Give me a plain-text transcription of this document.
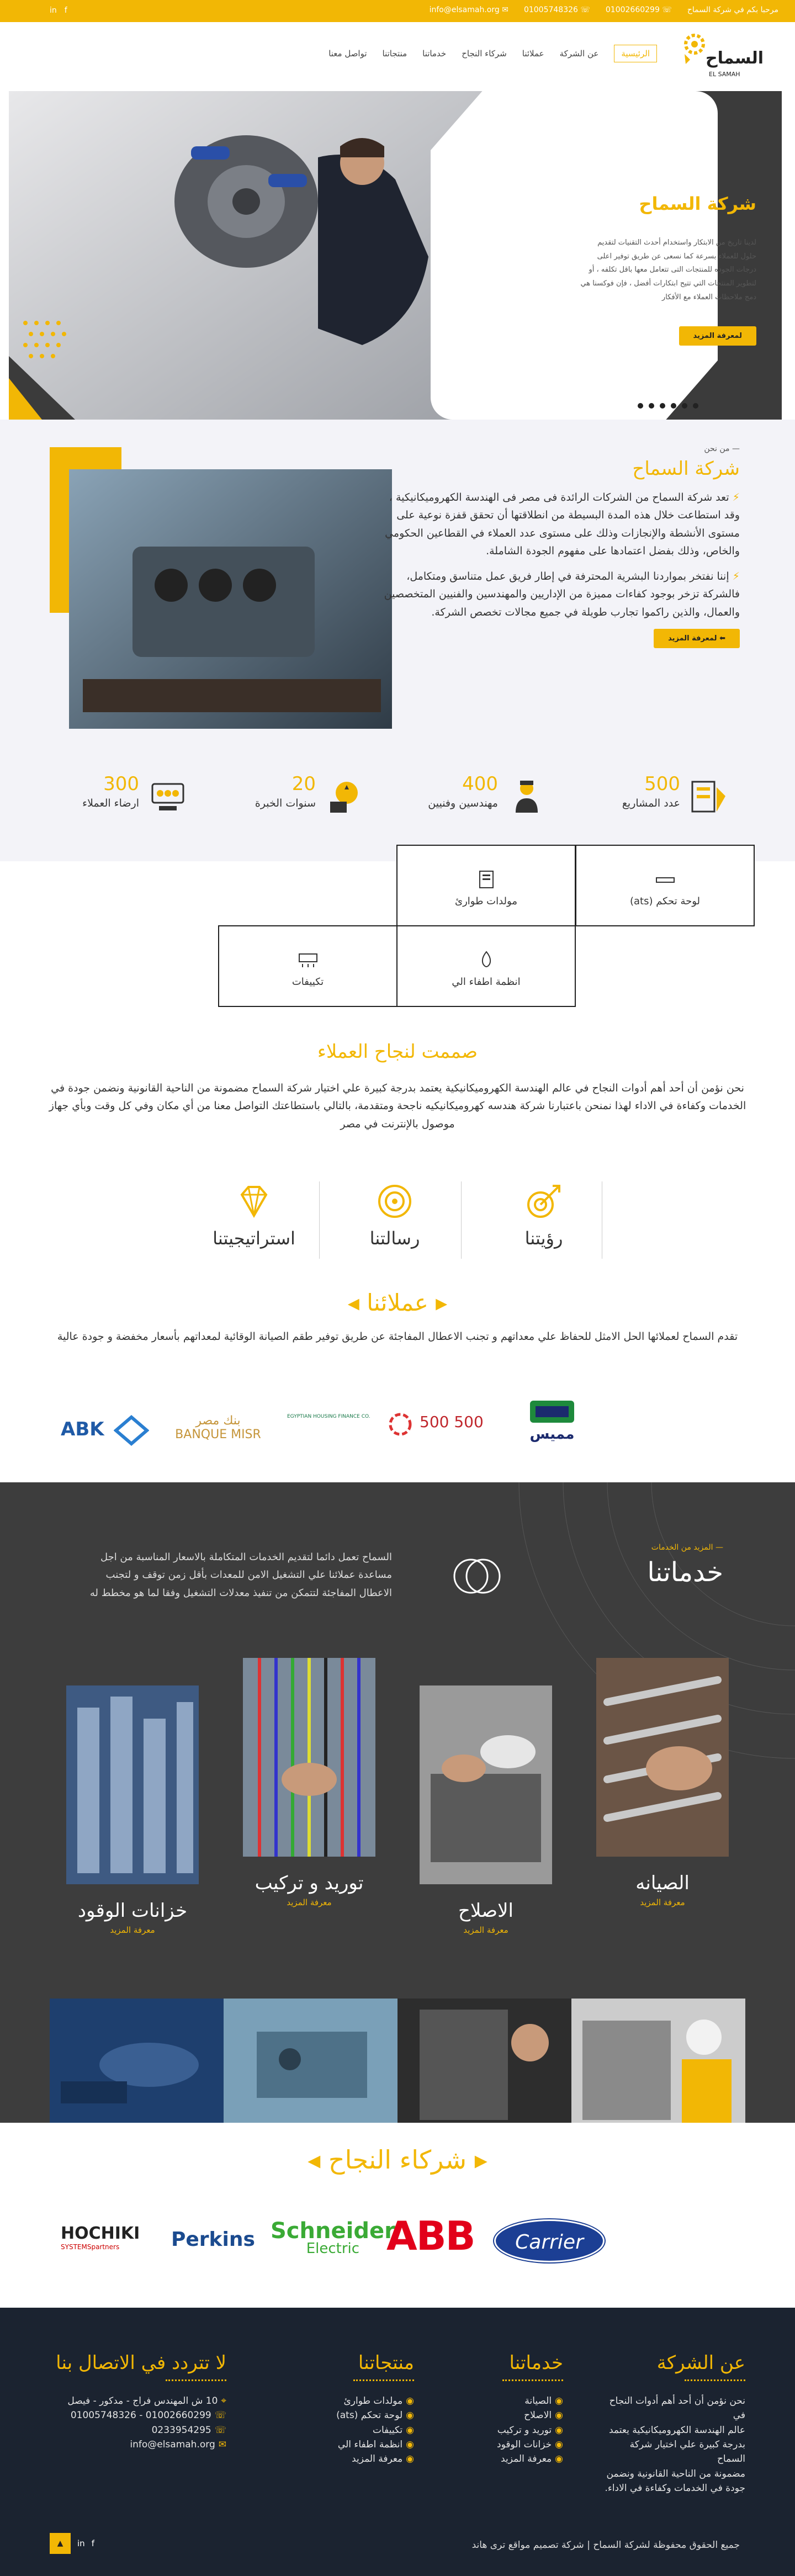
مرحبا بكم في شركة السماح
☏ 01002660299
☏ 01005748326
✉ info@elsamah.org
in f
السماح
EL SAMAH
الرئيسية
عن الشركة
عملائنا
شركاء النجاح
خدماتنا
منتجاتنا
تواصل معنا
شركة السماح
لدينا تاريخ من الابتكار واستخدام أحدث التقنيات لتقديم حلول للعملاء بسرعة كما نسعى عن طريق توفير اعلى درجات الجوده للمنتجات التى تتعامل معها باقل تكلفه ، أو لتطوير المنتجات التي تتيح ابتكارات أفضل ، فإن فوكسنا هي دمج ملاحظات العملاء مع الأفكار
لمعرفة المزيد
— من نحن
شركة السماح

⚡ تعد شركة السماح من الشركات الرائدة فى مصر فى الهندسة الكهروميكانيكية ، وقد استطاعت خلال هذه المدة البسيطة من انطلاقتها أن تحقق قفزة نوعية على مستوى الأنشطة والإنجازات وذلك على مستوى عدد العملاء في القطاعين الحكومي والخاص، وذلك بفضل اعتمادها على مفهوم الجودة الشاملة.

⚡ إننا نفتخر بمواردنا البشرية المحترفة في إطار فريق عمل متناسق ومتكامل، فالشركة تزخر بوجود كفاءات مميزة من الإداريين والمهندسين والفنيين المتخصصين والعمال، والذين راكموا تجارب طويلة في جميع مجالات تخصص الشركة.

⬅ لمعرفة المزيد
500
عدد المشاريع
400
مهندسين وفنيين
20
سنوات الخبرة
300
ارضاء العملاء
لوحة تحكم (ats)
مولدات طوارئ
انظمة اطفاء الي
تكييفات
صممت لنجاح العملاء
نحن نؤمن أن أحد أهم أدوات النجاح في عالم الهندسة الكهروميكانيكية يعتمد بدرجة كبيرة علي اختيار شركة السماح مضمونة من الناحية القانونية ونضمن جودة في الخدمات وكفاءة في الاداء لهذا نمنحن باعتبارنا شركة هندسه كهروميكانيكيه ناجحة ومتقدمة، بالتالي باستطاعتك التواصل معنا من أي مكان وفي كل وقت وبأي جهاز موصول بالإنترنت في مصر
رؤيتنا
رسالتنا
استراتيجيتنا
◂ عملائنا ▸
تقدم السماح لعملائها الحل الامثل للحفاظ علي معداتهم و تجنب الاعطال المفاجئة عن طريق توفير طقم الصيانة الوقائية لمعداتهم بأسعار مخفضة و جودة عالية
ABK	بنك مصر BANQUE MISR
EGYPTIAN HOUSING FINANCE CO.	500 500
مميس
— المزيد من الخدمات
خدماتنا
السماح تعمل دائما لتقديم الخدمات المتكاملة بالاسعار المناسبة من اجل مساعدة عملائنا علي التشغيل الامن للمعدات بأقل زمن توقف و لتجنب الاعطال المفاجئة لتتمكن من تنفيذ معدلات التشغيل وفقا لما هو مخطط له
الصيانه
معرفة المزيد
الاصلاح
معرفة المزيد
توريد و تركيب
معرفة المزيد
خزانات الوقود
معرفة المزيد
◂ شركاء النجاح ▸
HOCHIKI
SYSTEMSpartners	Perkins Schneider
Electric ABB	Carrier
عن الشركة
نحن نؤمن أن أحد أهم أدوات النجاح في
عالم الهندسة الكهروميكانيكية يعتمد
بدرجة كبيرة علي اختيار شركة السماح
مضمونة من الناحية القانونية ونضمن
جودة في الخدمات وكفاءة في الاداء.
خدماتنا
◉الصيانة
◉الاصلاح
◉توريد و تركيب
◉خزانات الوقود
◉معرفة المزيد
منتجاتنا
◉مولدات طوارئ
◉لوحة تحكم (ats)
◉تكييفات
◉انظمة اطفاء الي
◉معرفة المزيد
لا تتردد في الاتصال بنا
⌖10 ش المهندس فراج - مدكور - فيصل
☏01002660299 - 01005748326
☏0233954295
✉info@elsamah.org
جميع الحقوق محفوظة لشركة السماح | شركة تصميم مواقع ترى هاند
▲	in f
